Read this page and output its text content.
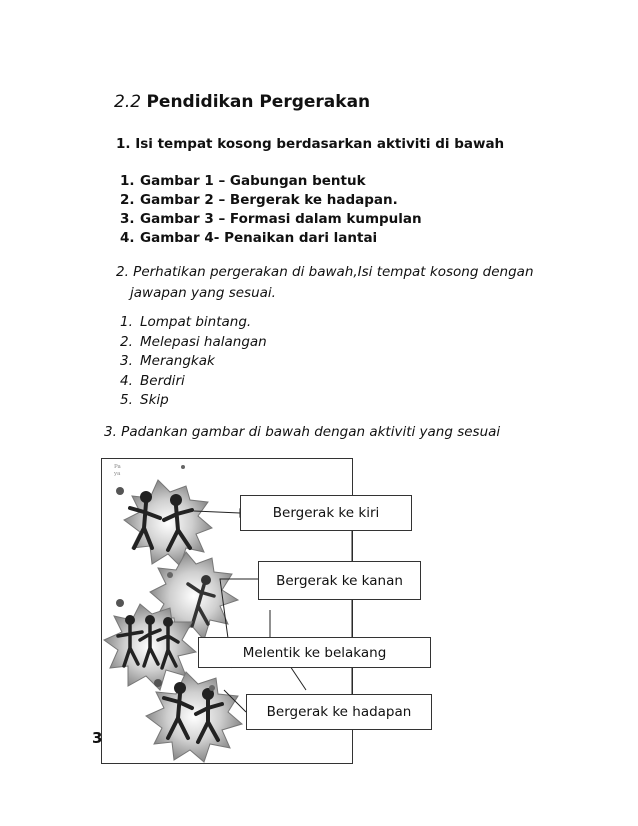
2.2 Pendidikan Pergerakan
1. Isi tempat kosong berdasarkan aktiviti di bawah
1. Gambar 1 – Gabungan bentuk
2. Gambar 2 – Bergerak ke hadapan.
3. Gambar 3 – Formasi dalam kumpulan
4. Gambar 4- Penaikan dari lantai
2. Perhatikan pergerakan di bawah,Isi tempat kosong dengan
jawapan yang sesuai.
1. Lompat bintang.
2. Melepasi halangan
3. Merangkak
4. Berdiri
5. Skip
3. Padankan gambar di bawah dengan aktiviti yang sesuai
Pa
ya
Bergerak ke kiri
Bergerak ke kanan
Melentik ke belakang
Bergerak ke hadapan
3
